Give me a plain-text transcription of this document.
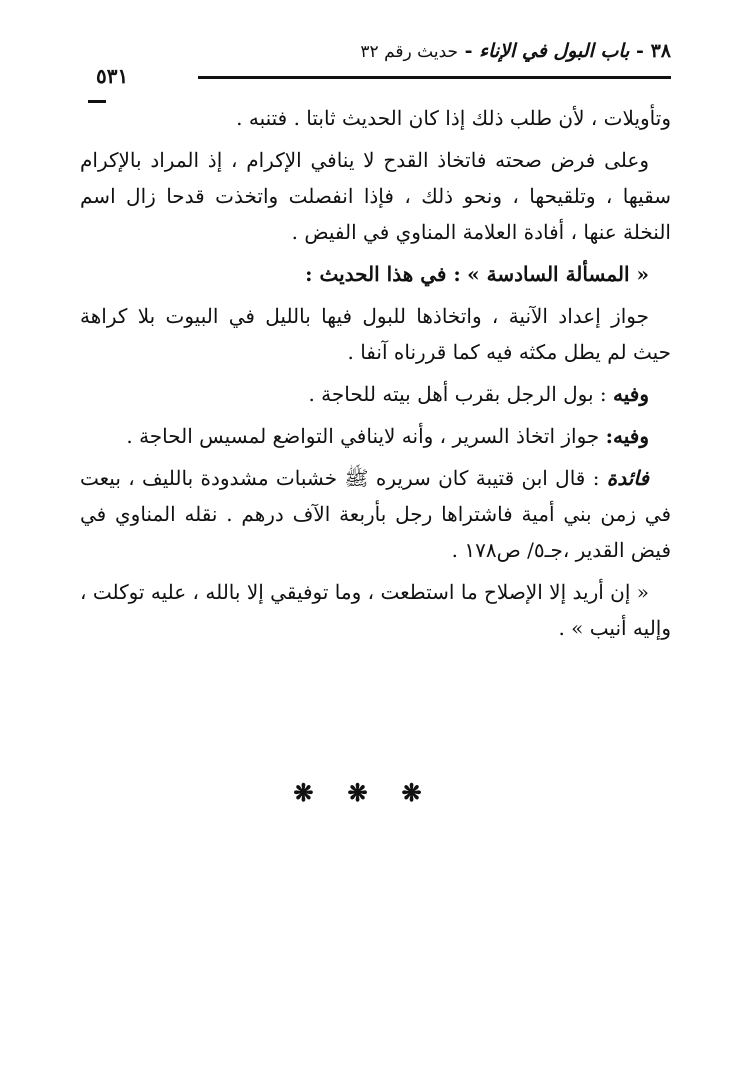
٣٨ - باب البول في الإناء - حديث رقم ٣٢
٥٣١

وتأويلات ، لأن طلب ذلك إذا كان الحديث ثابتا . فتنبه .

وعلى فرض صحته فاتخاذ القدح لا ينافي الإكرام ، إذ المراد بالإكرام سقيها ، وتلقيحها ، ونحو ذلك ، فإذا انفصلت واتخذت قدحا زال اسم النخلة عنها ، أفادة العلامة المناوي في الفيض .

« المسألة السادسة » : في هذا الحديث :

جواز إعداد الآنية ، واتخاذها للبول فيها بالليل في البيوت بلا كراهة حيث لم يطل مكثه فيه كما قررناه آنفا .

وفيه : بول الرجل بقرب أهل بيته للحاجة .

وفيه: جواز اتخاذ السرير ، وأنه لاينافي التواضع لمسيس الحاجة .

فائدة : قال ابن قتيبة كان سريره ﷺ خشبات مشدودة بالليف ، بيعت في زمن بني أمية فاشتراها رجل بأربعة الآف درهم . نقله المناوي في فيض القدير ،جـ٥/ ص١٧٨ .

« إن أريد إلا الإصلاح ما استطعت ، وما توفيقي إلا بالله ، عليه توكلت ، وإليه أنيب » .

❋❋❋
